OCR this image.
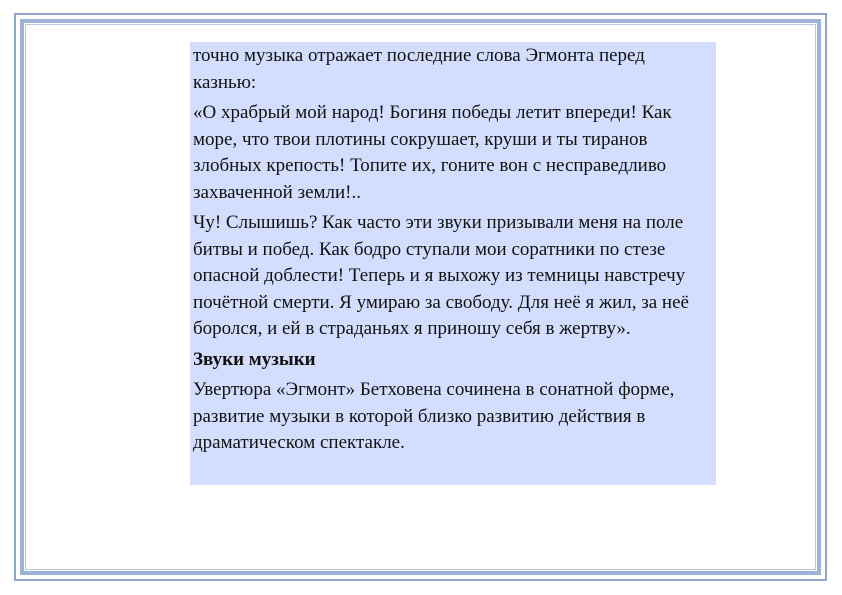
точно музыка отражает последние слова Эгмонта перед казнью:

«О храбрый мой народ! Богиня победы летит впереди! Как море, что твои плотины сокрушает, круши и ты тиранов злобных крепость! Топите их, гоните вон с несправедливо захваченной земли!..

Чу! Слышишь? Как часто эти звуки призывали меня на поле битвы и побед. Как бодро ступали мои соратники по стезе опасной доблести! Теперь и я выхожу из темницы навстречу почётной смерти. Я умираю за свободу. Для неё я жил, за неё боролся, и ей в страданьях я приношу себя в жертву».

Звуки музыки

Увертюра «Эгмонт» Бетховена сочинена в сонатной форме, развитие музыки в которой близко развитию действия в драматическом спектакле.
